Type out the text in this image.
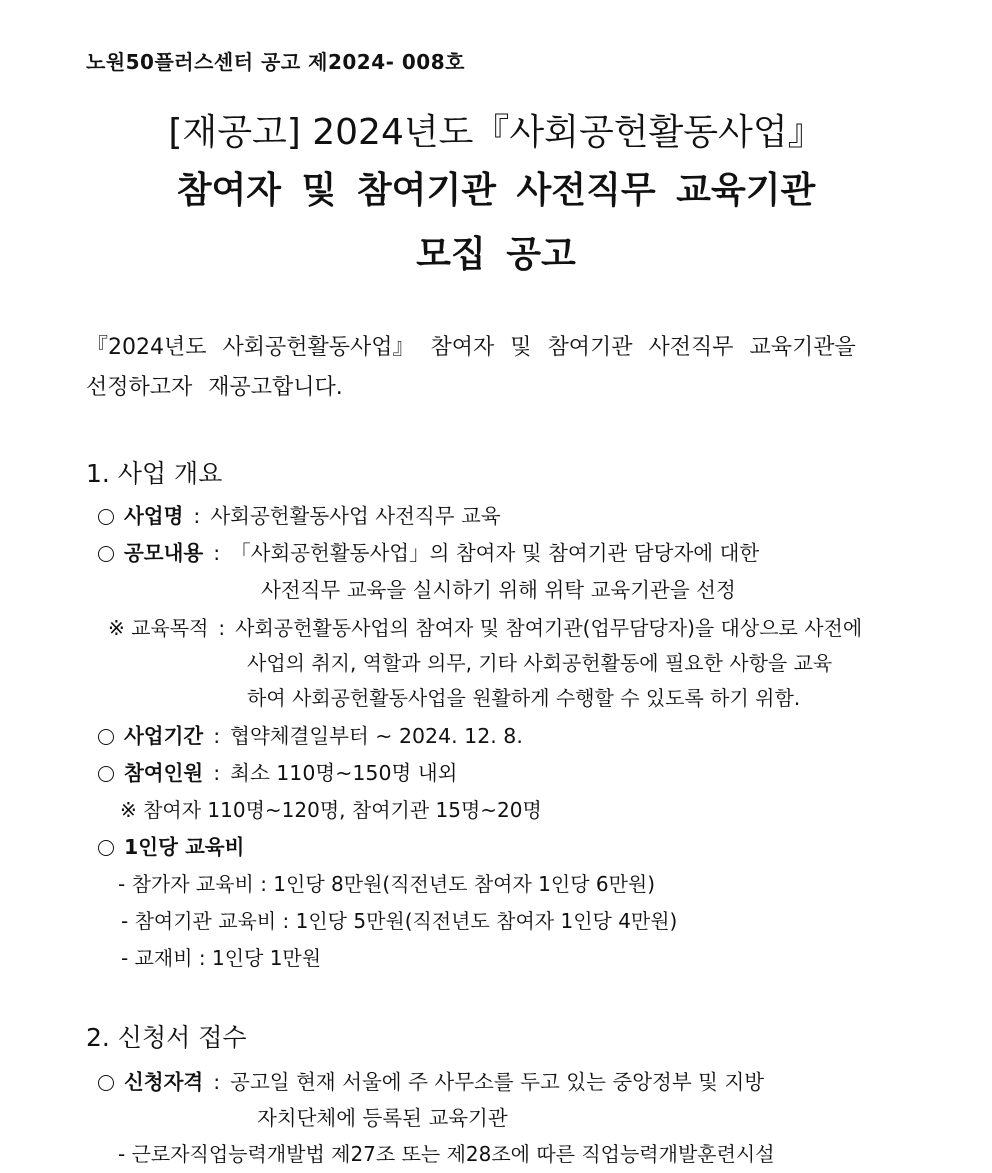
노원50플러스센터 공고 제2024- 008호
[재공고] 2024년도『사회공헌활동사업』
참여자 및 참여기관 사전직무 교육기관
모집 공고
『2024년도 사회공헌활동사업』 참여자 및 참여기관 사전직무 교육기관을
선정하고자 재공고합니다.
1. 사업 개요
사업명 : 사회공헌활동사업 사전직무 교육
공모내용 : 「사회공헌활동사업」의 참여자 및 참여기관 담당자에 대한
사전직무 교육을 실시하기 위해 위탁 교육기관을 선정
※ 교육목적 : 사회공헌활동사업의 참여자 및 참여기관(업무담당자)을 대상으로 사전에
사업의 취지, 역할과 의무, 기타 사회공헌활동에 필요한 사항을 교육
하여 사회공헌활동사업을 원활하게 수행할 수 있도록 하기 위함.
사업기간 : 협약체결일부터 ~ 2024. 12. 8.
참여인원 : 최소 110명~150명 내외
※ 참여자 110명~120명, 참여기관 15명~20명
1인당 교육비
- 참가자 교육비 : 1인당 8만원(직전년도 참여자 1인당 6만원)
- 참여기관 교육비 : 1인당 5만원(직전년도 참여자 1인당 4만원)
- 교재비 : 1인당 1만원
2. 신청서 접수
신청자격 : 공고일 현재 서울에 주 사무소를 두고 있는 중앙정부 및 지방
자치단체에 등록된 교육기관
- 근로자직업능력개발법 제27조 또는 제28조에 따른 직업능력개발훈련시설
